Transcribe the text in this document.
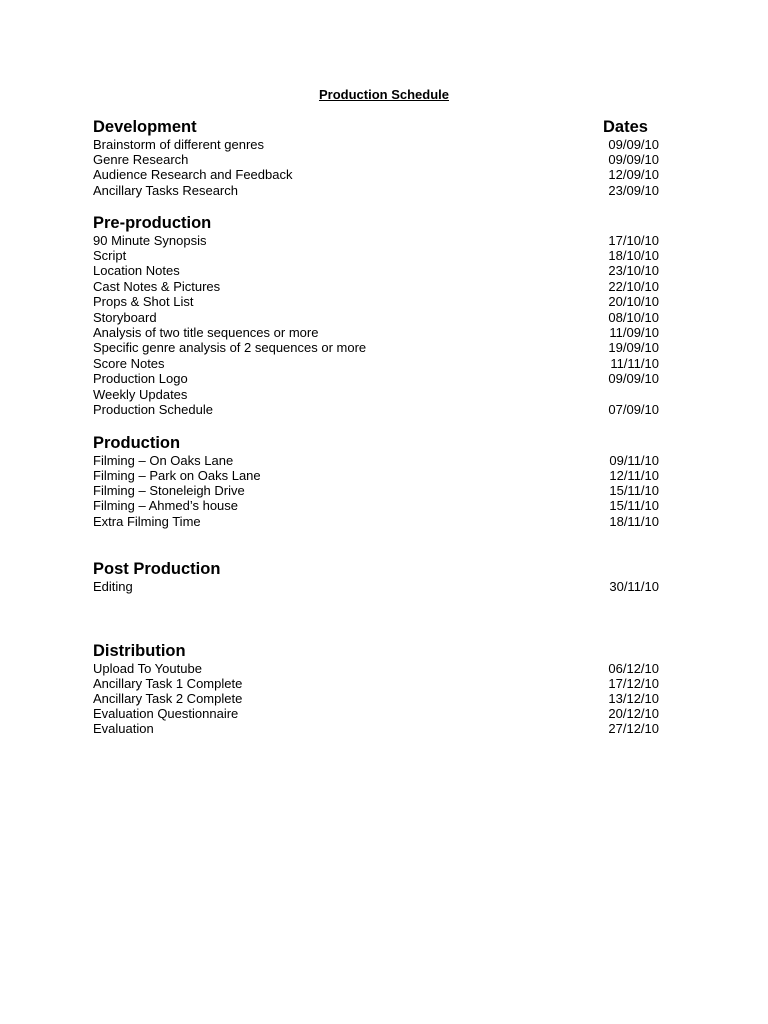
Production Schedule
Dates
Development
Brainstorm of different genres	09/09/10
Genre Research	09/09/10
Audience Research and Feedback	12/09/10
Ancillary Tasks Research	23/09/10
Pre-production
90 Minute Synopsis	17/10/10
Script	18/10/10
Location Notes	23/10/10
Cast Notes & Pictures	22/10/10
Props & Shot List	20/10/10
Storyboard	08/10/10
Analysis of two title sequences or more	11/09/10
Specific genre analysis of 2 sequences or more	19/09/10
Score Notes	11/11/10
Production Logo	09/09/10
Weekly Updates
Production Schedule	07/09/10
Production
Filming – On Oaks Lane	09/11/10
Filming – Park on Oaks Lane	12/11/10
Filming – Stoneleigh Drive	15/11/10
Filming – Ahmed’s house	15/11/10
Extra Filming Time	18/11/10
Post Production
Editing	30/11/10
Distribution
Upload To Youtube	06/12/10
Ancillary Task 1 Complete	17/12/10
Ancillary Task 2 Complete	13/12/10
Evaluation Questionnaire	20/12/10
Evaluation	27/12/10
